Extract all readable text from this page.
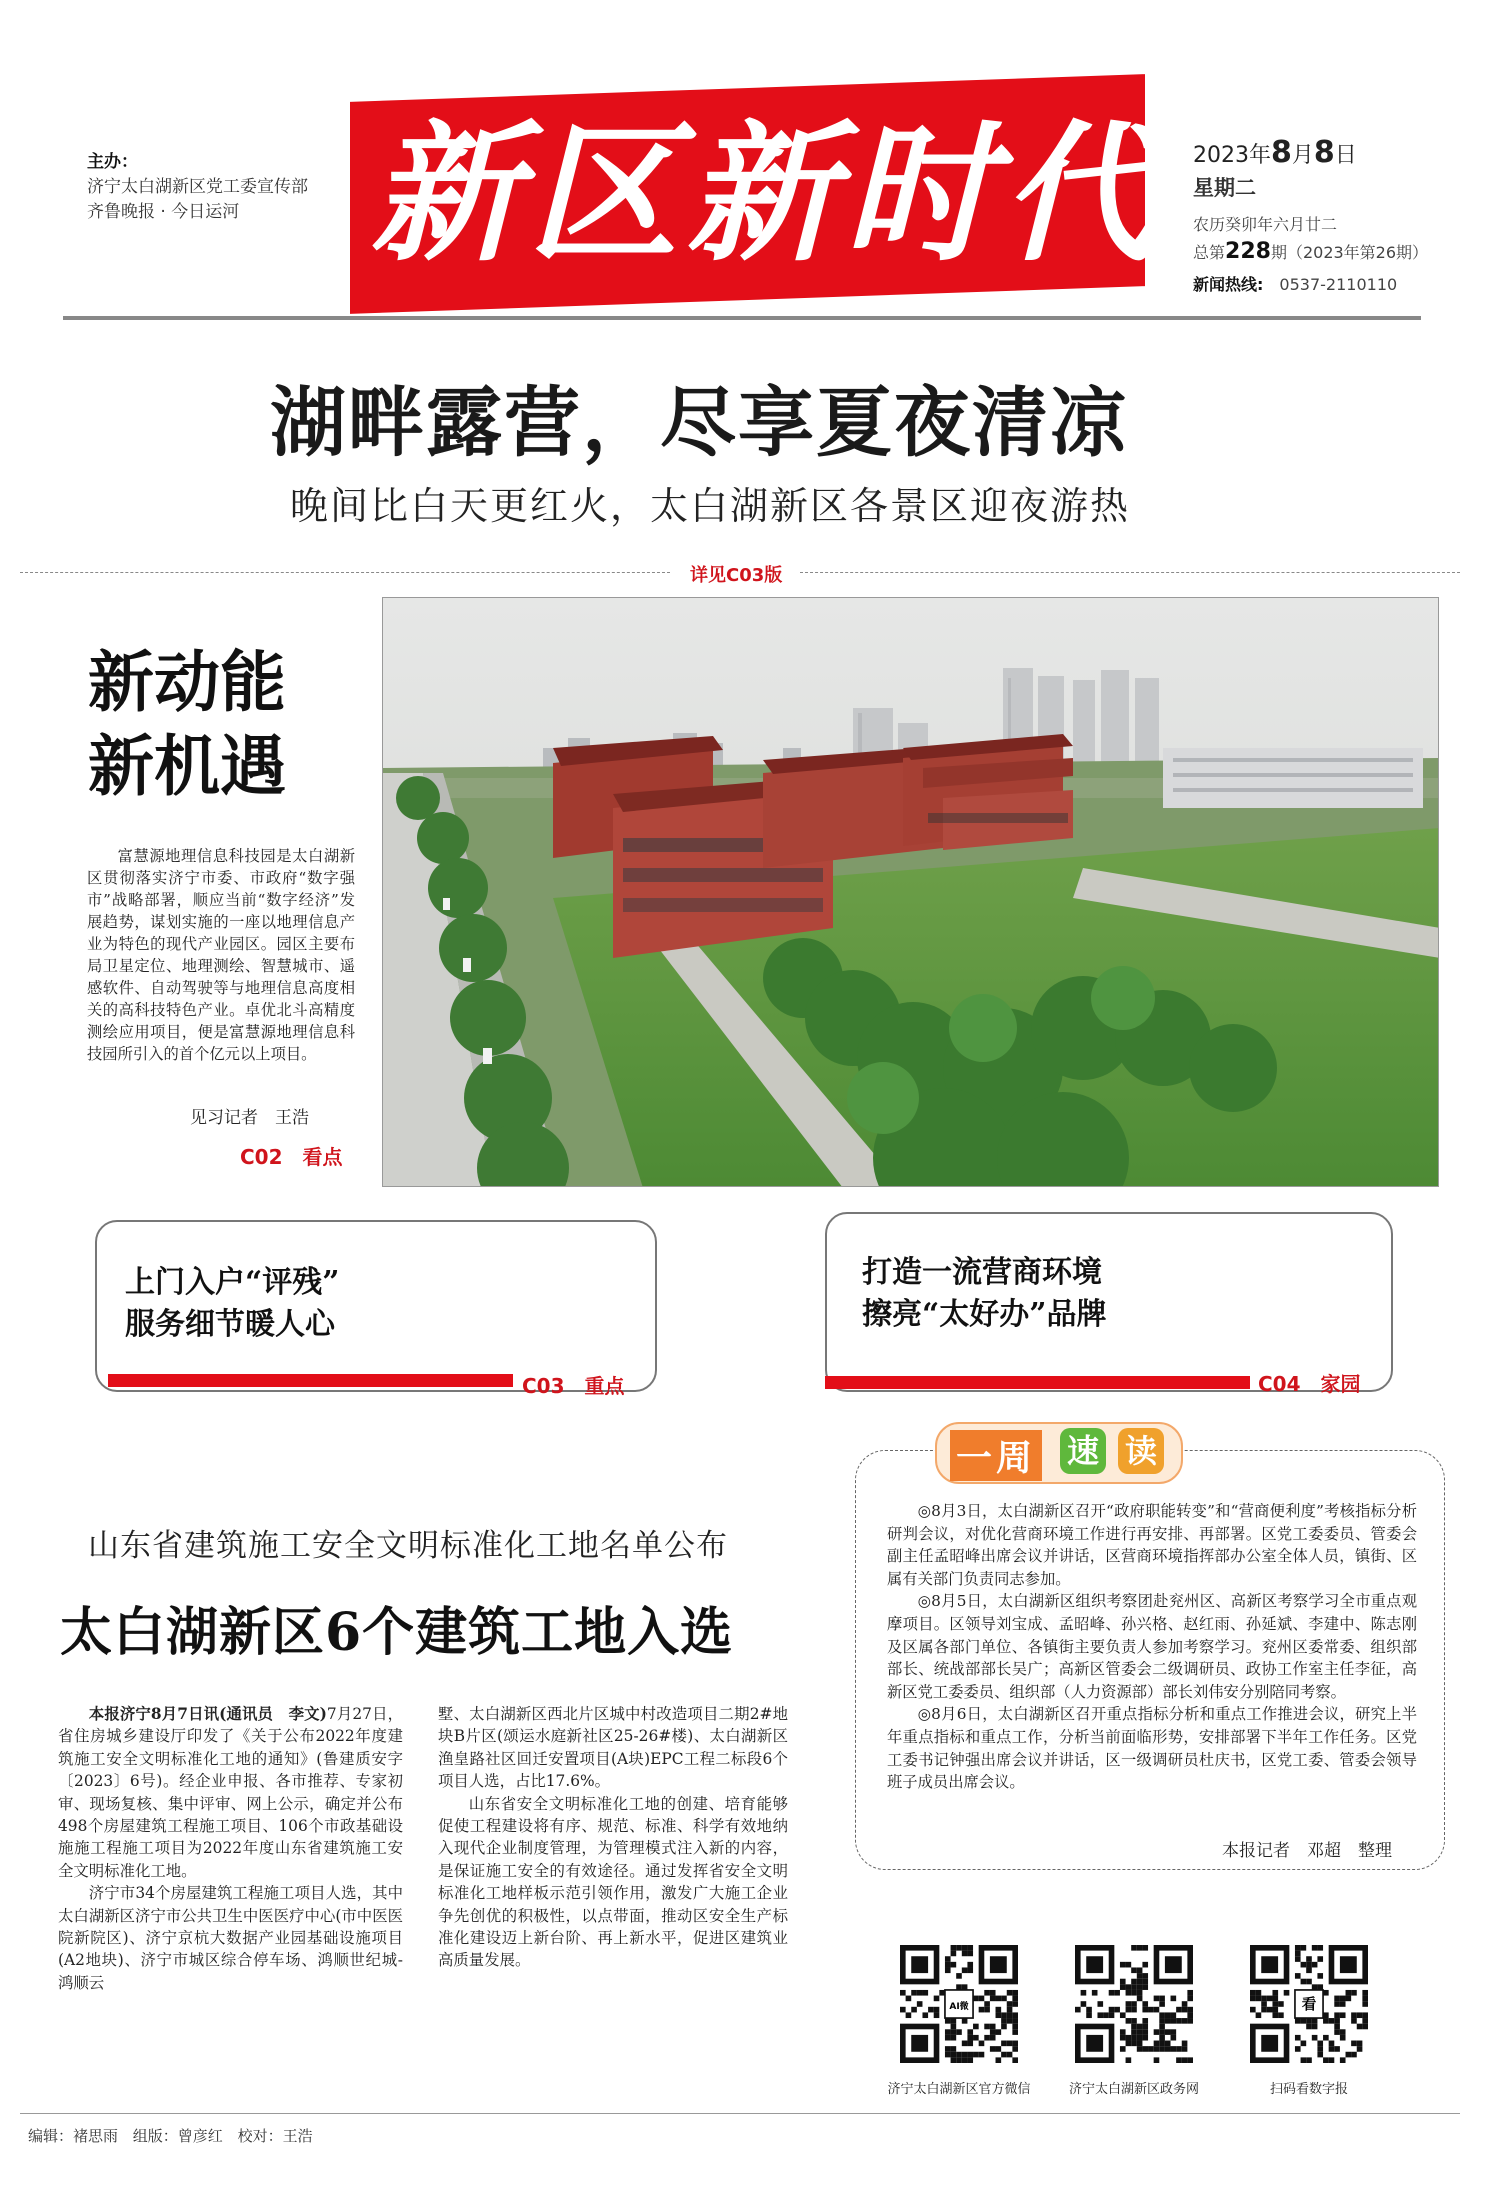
主办：
济宁太白湖新区党工委宣传部
齐鲁晚报 · 今日运河 新区新时代 2023年8月8日
星期二
农历癸卯年六月廿二
总第228期（2023年第26期）
新闻热线:　 0537-2110110
湖畔露营，尽享夏夜清凉
晚间比白天更红火，太白湖新区各景区迎夜游热
详见C03版
新动能
新机遇
富慧源地理信息科技园是太白湖新区贯彻落实济宁市委、市政府“数字强市”战略部署，顺应当前“数字经济”发展趋势，谋划实施的一座以地理信息产业为特色的现代产业园区。园区主要布局卫星定位、地理测绘、智慧城市、遥感软件、自动驾驶等与地理信息高度相关的高科技特色产业。卓优北斗高精度测绘应用项目，便是富慧源地理信息科技园所引入的首个亿元以上项目。
见习记者　王浩
C02　看点
上门入户“评残”
服务细节暖人心
C03　重点
打造一流营商环境
擦亮“太好办”品牌
C04　家园
一周 速 读

◎8月3日，太白湖新区召开“政府职能转变”和“营商便利度”考核指标分析研判会议，对优化营商环境工作进行再安排、再部署。区党工委委员、管委会副主任孟昭峰出席会议并讲话，区营商环境指挥部办公室全体人员，镇街、区属有关部门负责同志参加。

◎8月5日，太白湖新区组织考察团赴兖州区、高新区考察学习全市重点观摩项目。区领导刘宝成、孟昭峰、孙兴格、赵红雨、孙延斌、李建中、陈志刚及区属各部门单位、各镇街主要负责人参加考察学习。兖州区委常委、组织部部长、统战部部长吴广；高新区管委会二级调研员、政协工作室主任李征，高新区党工委委员、组织部（人力资源部）部长刘伟安分别陪同考察。

◎8月6日，太白湖新区召开重点指标分析和重点工作推进会议，研究上半年重点指标和重点工作，分析当前面临形势，安排部署下半年工作任务。区党工委书记钟强出席会议并讲话，区一级调研员杜庆书，区党工委、管委会领导班子成员出席会议。

本报记者　邓超　整理
山东省建筑施工安全文明标准化工地名单公布
太白湖新区6个建筑工地入选

本报济宁8月7日讯(通讯员　李文)7月27日，省住房城乡建设厅印发了《关于公布2022年度建筑施工安全文明标准化工地的通知》(鲁建质安字〔2023〕6号)。经企业申报、各市推荐、专家初审、现场复核、集中评审、网上公示，确定并公布498个房屋建筑工程施工项目、106个市政基础设施施工程施工项目为2022年度山东省建筑施工安全文明标准化工地。

济宁市34个房屋建筑工程施工项目人选，其中太白湖新区济宁市公共卫生中医医疗中心(市中医医院新院区)、济宁京杭大数据产业园基础设施项目(A2地块)、济宁市城区综合停车场、鸿顺世纪城-鸿顺云

墅、太白湖新区西北片区城中村改造项目二期2#地块B片区(颂运水庭新社区25-26#楼)、太白湖新区渔皇路社区回迁安置项目(A块)EPC工程二标段6个项目人选，占比17.6%。

山东省安全文明标准化工地的创建、培育能够促使工程建设将有序、规范、标准、科学有效地纳入现代企业制度管理，为管理模式注入新的内容，是保证施工安全的有效途径。通过发挥省安全文明标准化工地样板示范引领作用，激发广大施工企业争先创优的积极性，以点带面，推动区安全生产标准化建设迈上新台阶、再上新水平，促进区建筑业高质量发展。

AI微	看
济宁太白湖新区官方微信	济宁太白湖新区政务网	扫码看数字报
编辑：褚思雨 组版：曾彦红 校对：王浩
